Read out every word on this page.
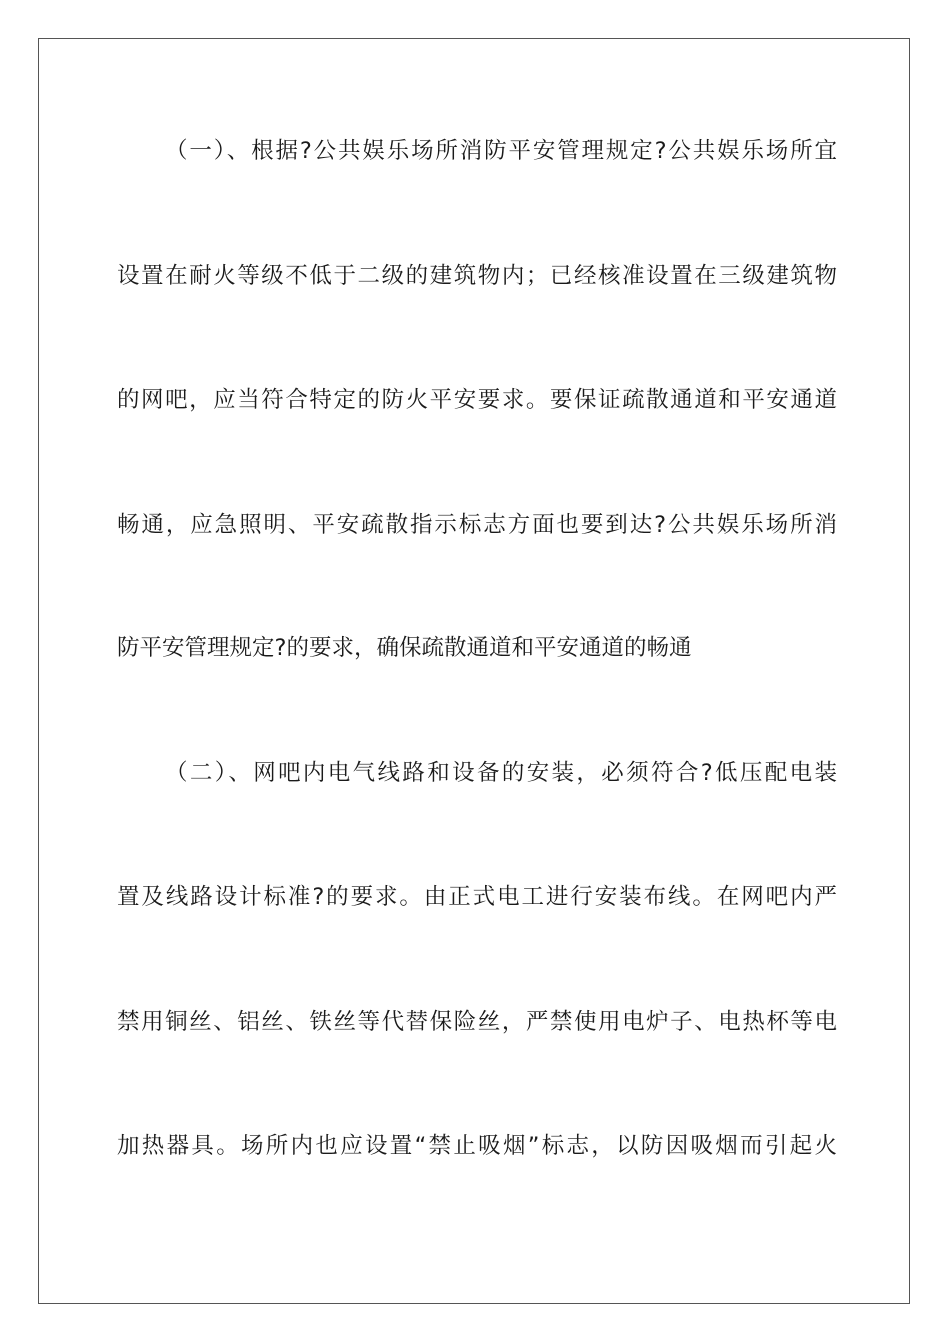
（一）、根据?公共娱乐场所消防平安管理规定?公共娱乐场所宜
设置在耐火等级不低于二级的建筑物内；已经核准设置在三级建筑物
的网吧，应当符合特定的防火平安要求。要保证疏散通道和平安通道
畅通，应急照明、平安疏散指示标志方面也要到达?公共娱乐场所消
防平安管理规定?的要求，确保疏散通道和平安通道的畅通
（二）、网吧内电气线路和设备的安装，必须符合?低压配电装
置及线路设计标准?的要求。由正式电工进行安装布线。在网吧内严
禁用铜丝、铝丝、铁丝等代替保险丝，严禁使用电炉子、电热杯等电
加热器具。场所内也应设置“禁止吸烟”标志，以防因吸烟而引起火
